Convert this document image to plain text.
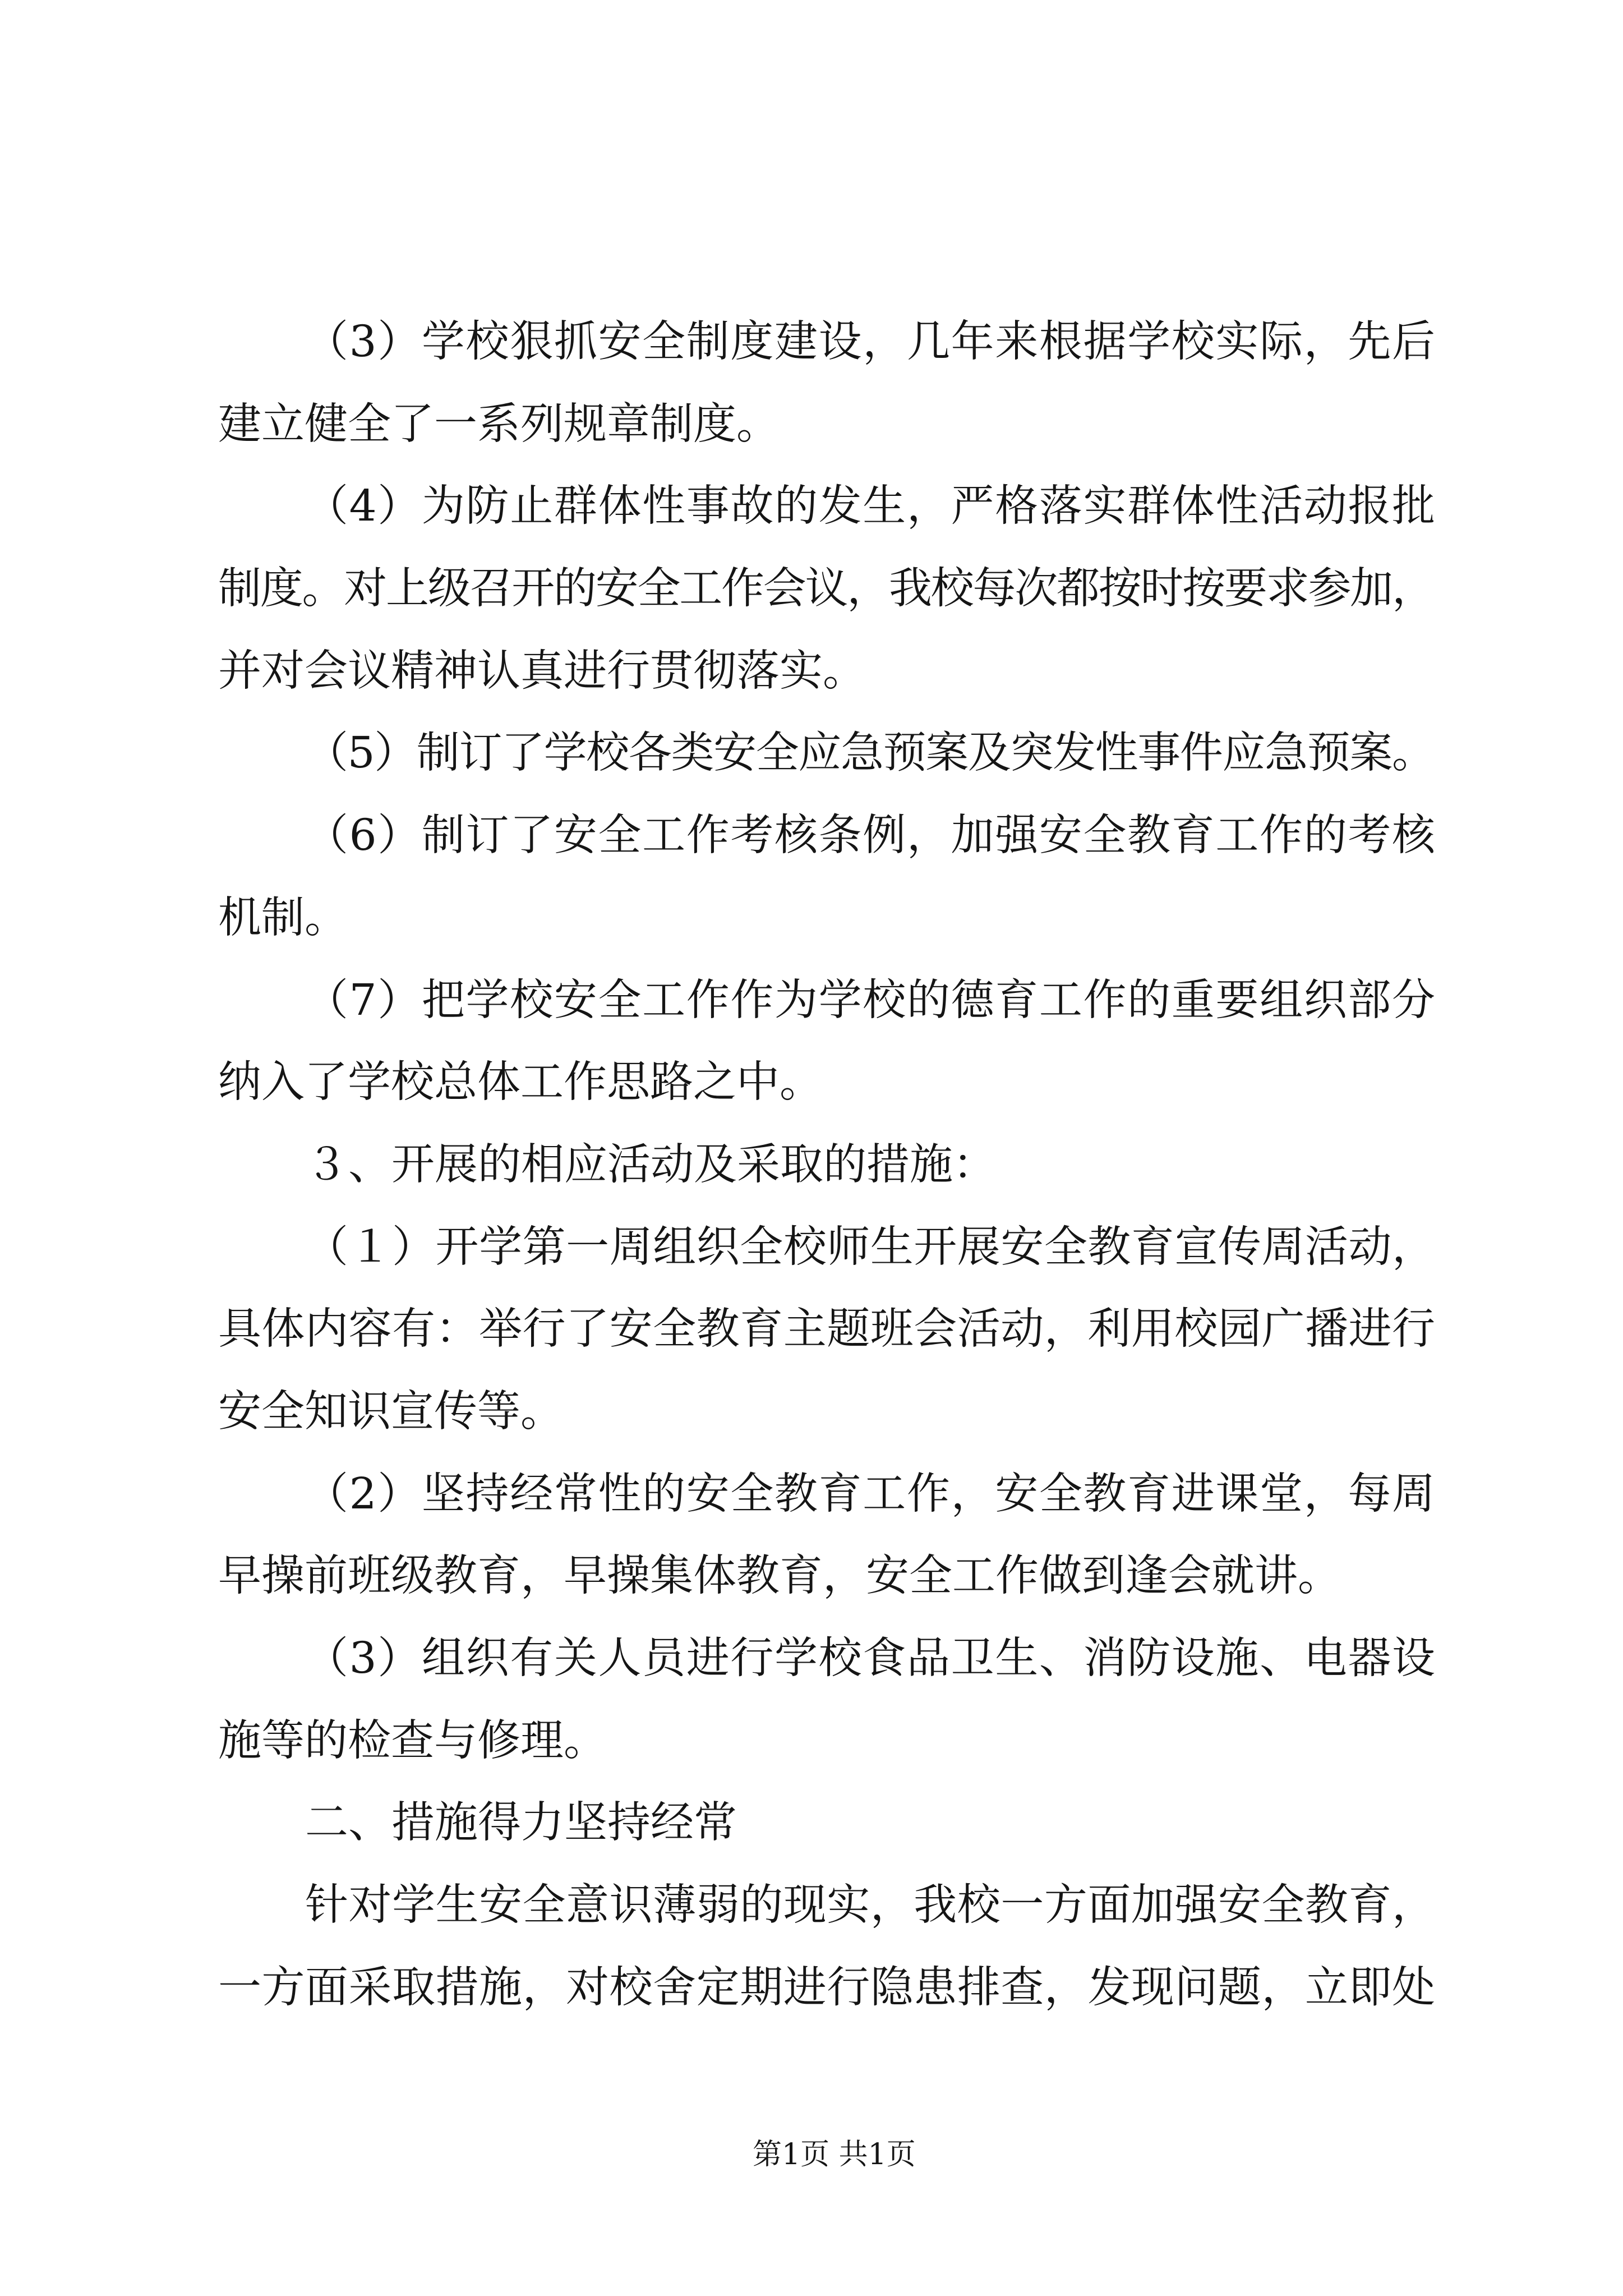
（3）学校狠抓安全制度建设，几年来根据学校实际，先后
建立健全了一系列规章制度。
（4）为防止群体性事故的发生，严格落实群体性活动报批
制度。对上级召开的安全工作会议，我校每次都按时按要求参加，
并对会议精神认真进行贯彻落实。
（5）制订了学校各类安全应急预案及突发性事件应急预案。
（6）制订了安全工作考核条例，加强安全教育工作的考核
机制。
（7）把学校安全工作作为学校的德育工作的重要组织部分
纳入了学校总体工作思路之中。
３、开展的相应活动及采取的措施：
（１）开学第一周组织全校师生开展安全教育宣传周活动，
具体内容有：举行了安全教育主题班会活动，利用校园广播进行
安全知识宣传等。
（2）坚持经常性的安全教育工作，安全教育进课堂，每周
早操前班级教育，早操集体教育，安全工作做到逢会就讲。
（3）组织有关人员进行学校食品卫生、消防设施、电器设
施等的检查与修理。
二、措施得力坚持经常
针对学生安全意识薄弱的现实，我校一方面加强安全教育，
一方面采取措施，对校舍定期进行隐患排查，发现问题，立即处
第1页 共1页
